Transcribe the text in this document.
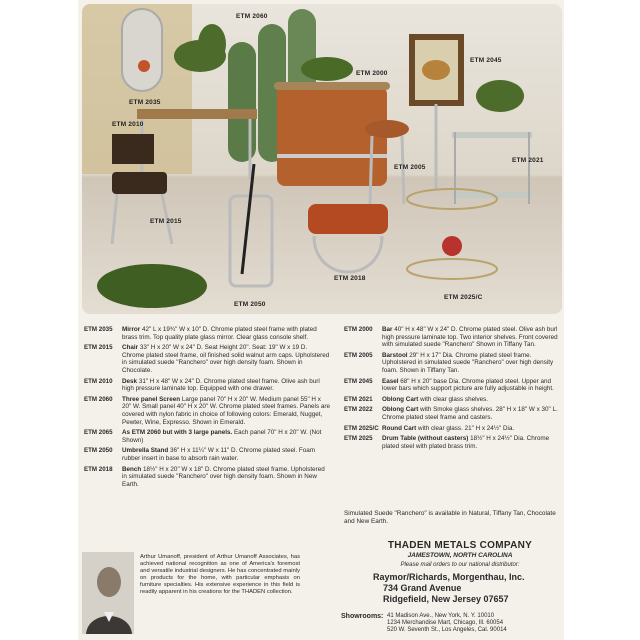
ETM 2060
ETM 2035
ETM 2010
ETM 2000
ETM 2045
ETM 2021
ETM 2005
ETM 2015
ETM 2018
ETM 2050
ETM 2025/C
ETM 2035	Mirror 42" L x 19¾" W x 10" D. Chrome plated steel frame with plated brass trim. Top quality plate glass mirror. Clear glass console shelf.
ETM 2015	Chair 33" H x 20" W x 24" D. Seat Height 20". Seat: 19" W x 19 D. Chrome plated steel frame, oil finished solid walnut arm caps. Upholstered in simulated suede "Ranchero" over high density foam. Shown in Chocolate.
ETM 2010	Desk 31" H x 48" W x 24" D. Chrome plated steel frame. Olive ash burl high pressure laminate top. Equipped with one drawer.
ETM 2060	Three panel Screen Large panel 70" H x 20" W. Medium panel 55" H x 20" W. Small panel 40" H x 20" W. Chrome plated steel frames. Panels are covered with nylon fabric in choice of following colors: Emerald, Nugget, Pewter, Wine, Expresso. Shown in Emerald.
ETM 2065	As ETM 2060 but with 3 large panels. Each panel 70" H x 20" W. (Not Shown)
ETM 2050	Umbrella Stand 36" H x 11¼" W x 11" D. Chrome plated steel. Foam rubber insert in base to absorb rain water.
ETM 2018	Bench 18½" H x 20" W x 18" D. Chrome plated steel frame. Upholstered in simulated suede "Ranchero" over high density foam. Shown in New Earth.
ETM 2000	Bar 40" H x 48" W x 24" D. Chrome plated steel. Olive ash burl high pressure laminate top. Two interior shelves. Front covered with simulated suede "Ranchero" Shown in Tiffany Tan.
ETM 2005	Barstool 29" H x 17" Dia. Chrome plated steel frame. Upholstered in simulated suede "Ranchero" over high density foam. Shown in Tiffany Tan.
ETM 2045	Easel 68" H x 20" base Dia. Chrome plated steel. Upper and lower bars which support picture are fully adjustable in height.
ETM 2021	Oblong Cart with clear glass shelves.
ETM 2022	Oblong Cart with Smoke glass shelves. 28" H x 18" W x 30" L. Chrome plated steel frame and casters.
ETM 2025/C Round Cart with clear glass. 21" H x 24½" Dia.
ETM 2025	Drum Table (without casters) 18½" H x 24½" Dia. Chrome plated steel with plated brass trim.
Simulated Suede "Ranchero" is available in Natural, Tiffany Tan, Chocolate and New Earth.
THADEN METALS COMPANY
JAMESTOWN, NORTH CAROLINA
Please mail orders to our national distributor:
Raymor/Richards, Morgenthau, Inc.
734 Grand Avenue
Ridgefield, New Jersey 07657
Showrooms: 41 Madison Ave., New York, N. Y. 10010
1234 Merchandise Mart, Chicago, Ill. 60054
520 W. Seventh St., Los Angeles, Cal. 90014
Arthur Umanoff, president of Arthur Umanoff Associates, has achieved national recognition as one of America's foremost and versatile industrial designers. He has concentrated mainly on products for the home, with particular emphasis on furniture specialties. His extensive experience in this field is readily apparent in his creations for the THADEN collection.
